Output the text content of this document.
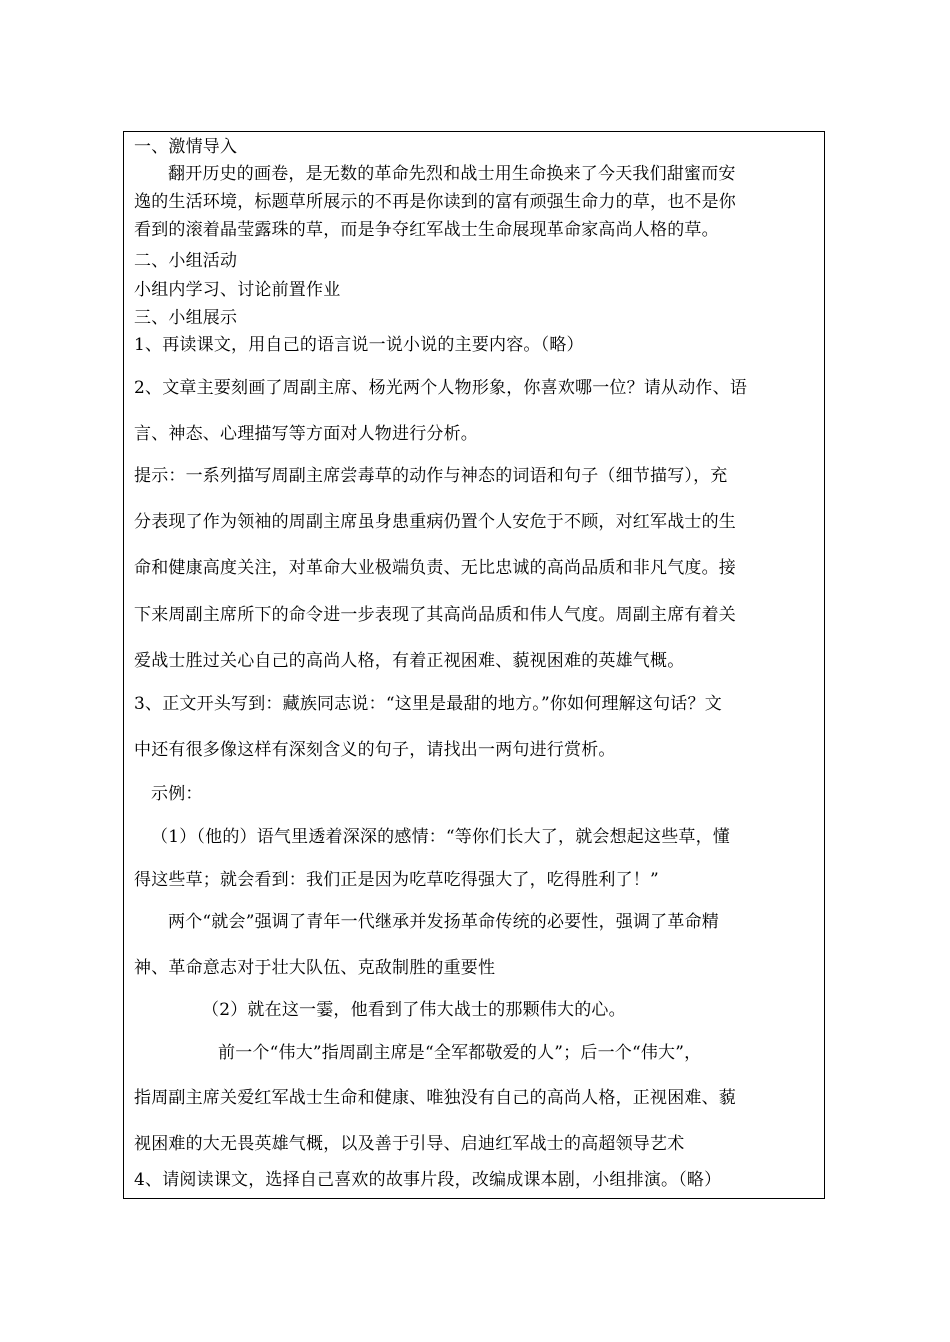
一、激情导入
翻开历史的画卷，是无数的革命先烈和战士用生命换来了今天我们甜蜜而安
逸的生活环境，标题草所展示的不再是你读到的富有顽强生命力的草，也不是你
看到的滚着晶莹露珠的草，而是争夺红军战士生命展现革命家高尚人格的草。
二、小组活动
小组内学习、讨论前置作业
三、小组展示
1、再读课文，用自己的语言说一说小说的主要内容。（略）
2、文章主要刻画了周副主席、杨光两个人物形象，你喜欢哪一位？请从动作、语
言、神态、心理描写等方面对人物进行分析。
提示：一系列描写周副主席尝毒草的动作与神态的词语和句子（细节描写），充
分表现了作为领袖的周副主席虽身患重病仍置个人安危于不顾，对红军战士的生
命和健康高度关注，对革命大业极端负责、无比忠诚的高尚品质和非凡气度。接
下来周副主席所下的命令进一步表现了其高尚品质和伟人气度。周副主席有着关
爱战士胜过关心自己的高尚人格，有着正视困难、藐视困难的英雄气概。
3、正文开头写到：藏族同志说：“这里是最甜的地方。”你如何理解这句话？文
中还有很多像这样有深刻含义的句子，请找出一两句进行赏析。
示例：
（1）（他的）语气里透着深深的感情：“等你们长大了，就会想起这些草，懂
得这些草；就会看到：我们正是因为吃草吃得强大了，吃得胜利了！”
两个“就会”强调了青年一代继承并发扬革命传统的必要性，强调了革命精
神、革命意志对于壮大队伍、克敌制胜的重要性
（2）就在这一霎，他看到了伟大战士的那颗伟大的心。
前一个“伟大”指周副主席是“全军都敬爱的人”；后一个“伟大”，
指周副主席关爱红军战士生命和健康、唯独没有自己的高尚人格，正视困难、藐
视困难的大无畏英雄气概，以及善于引导、启迪红军战士的高超领导艺术
4、请阅读课文，选择自己喜欢的故事片段，改编成课本剧，小组排演。（略）
